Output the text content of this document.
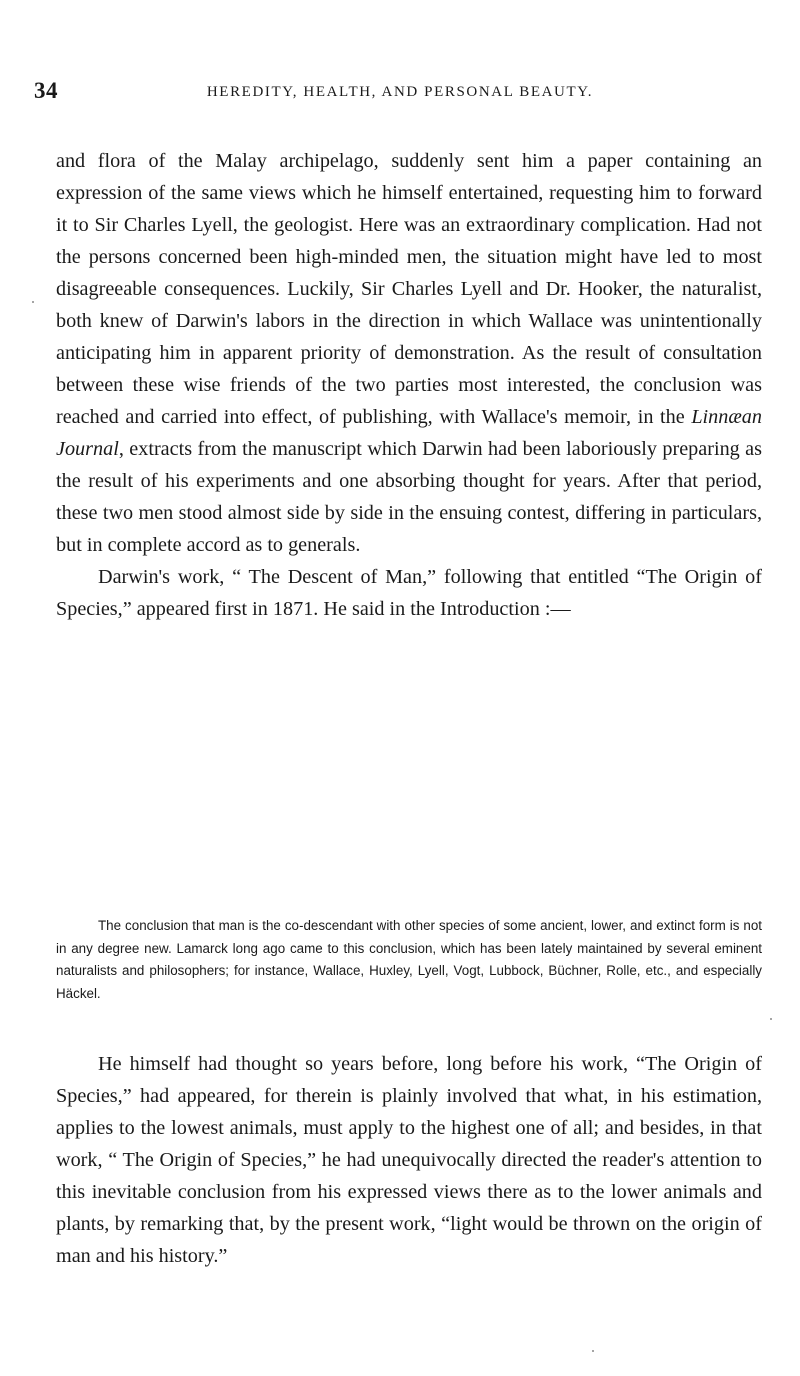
34	HEREDITY, HEALTH, AND PERSONAL BEAUTY.

and flora of the Malay archipelago, suddenly sent him a paper containing an expression of the same views which he himself entertained, requesting him to forward it to Sir Charles Lyell, the geologist. Here was an extraordinary complication. Had not the persons concerned been high-minded men, the situation might have led to most disagreeable consequences. Luckily, Sir Charles Lyell and Dr. Hooker, the naturalist, both knew of Darwin's labors in the direction in which Wallace was unintentionally anticipating him in apparent priority of demonstration. As the result of consultation between these wise friends of the two parties most interested, the conclusion was reached and carried into effect, of publishing, with Wallace's memoir, in the Linnæan Journal, extracts from the manuscript which Darwin had been laboriously preparing as the result of his experiments and one absorbing thought for years. After that period, these two men stood almost side by side in the ensuing contest, differing in particulars, but in complete accord as to generals.

Darwin's work, “ The Descent of Man,” following that entitled “The Origin of Species,” appeared first in 1871. He said in the Introduction :—

The conclusion that man is the co-descendant with other species of some ancient, lower, and extinct form is not in any degree new. Lamarck long ago came to this conclusion, which has been lately maintained by several eminent naturalists and philosophers; for instance, Wallace, Huxley, Lyell, Vogt, Lubbock, Büchner, Rolle, etc., and especially Häckel.

He himself had thought so years before, long before his work, “The Origin of Species,” had appeared, for therein is plainly involved that what, in his estimation, applies to the lowest animals, must apply to the highest one of all; and besides, in that work, “ The Origin of Species,” he had unequivocally directed the reader's attention to this inevitable conclusion from his expressed views there as to the lower animals and plants, by remarking that, by the present work, “light would be thrown on the origin of man and his history.”
